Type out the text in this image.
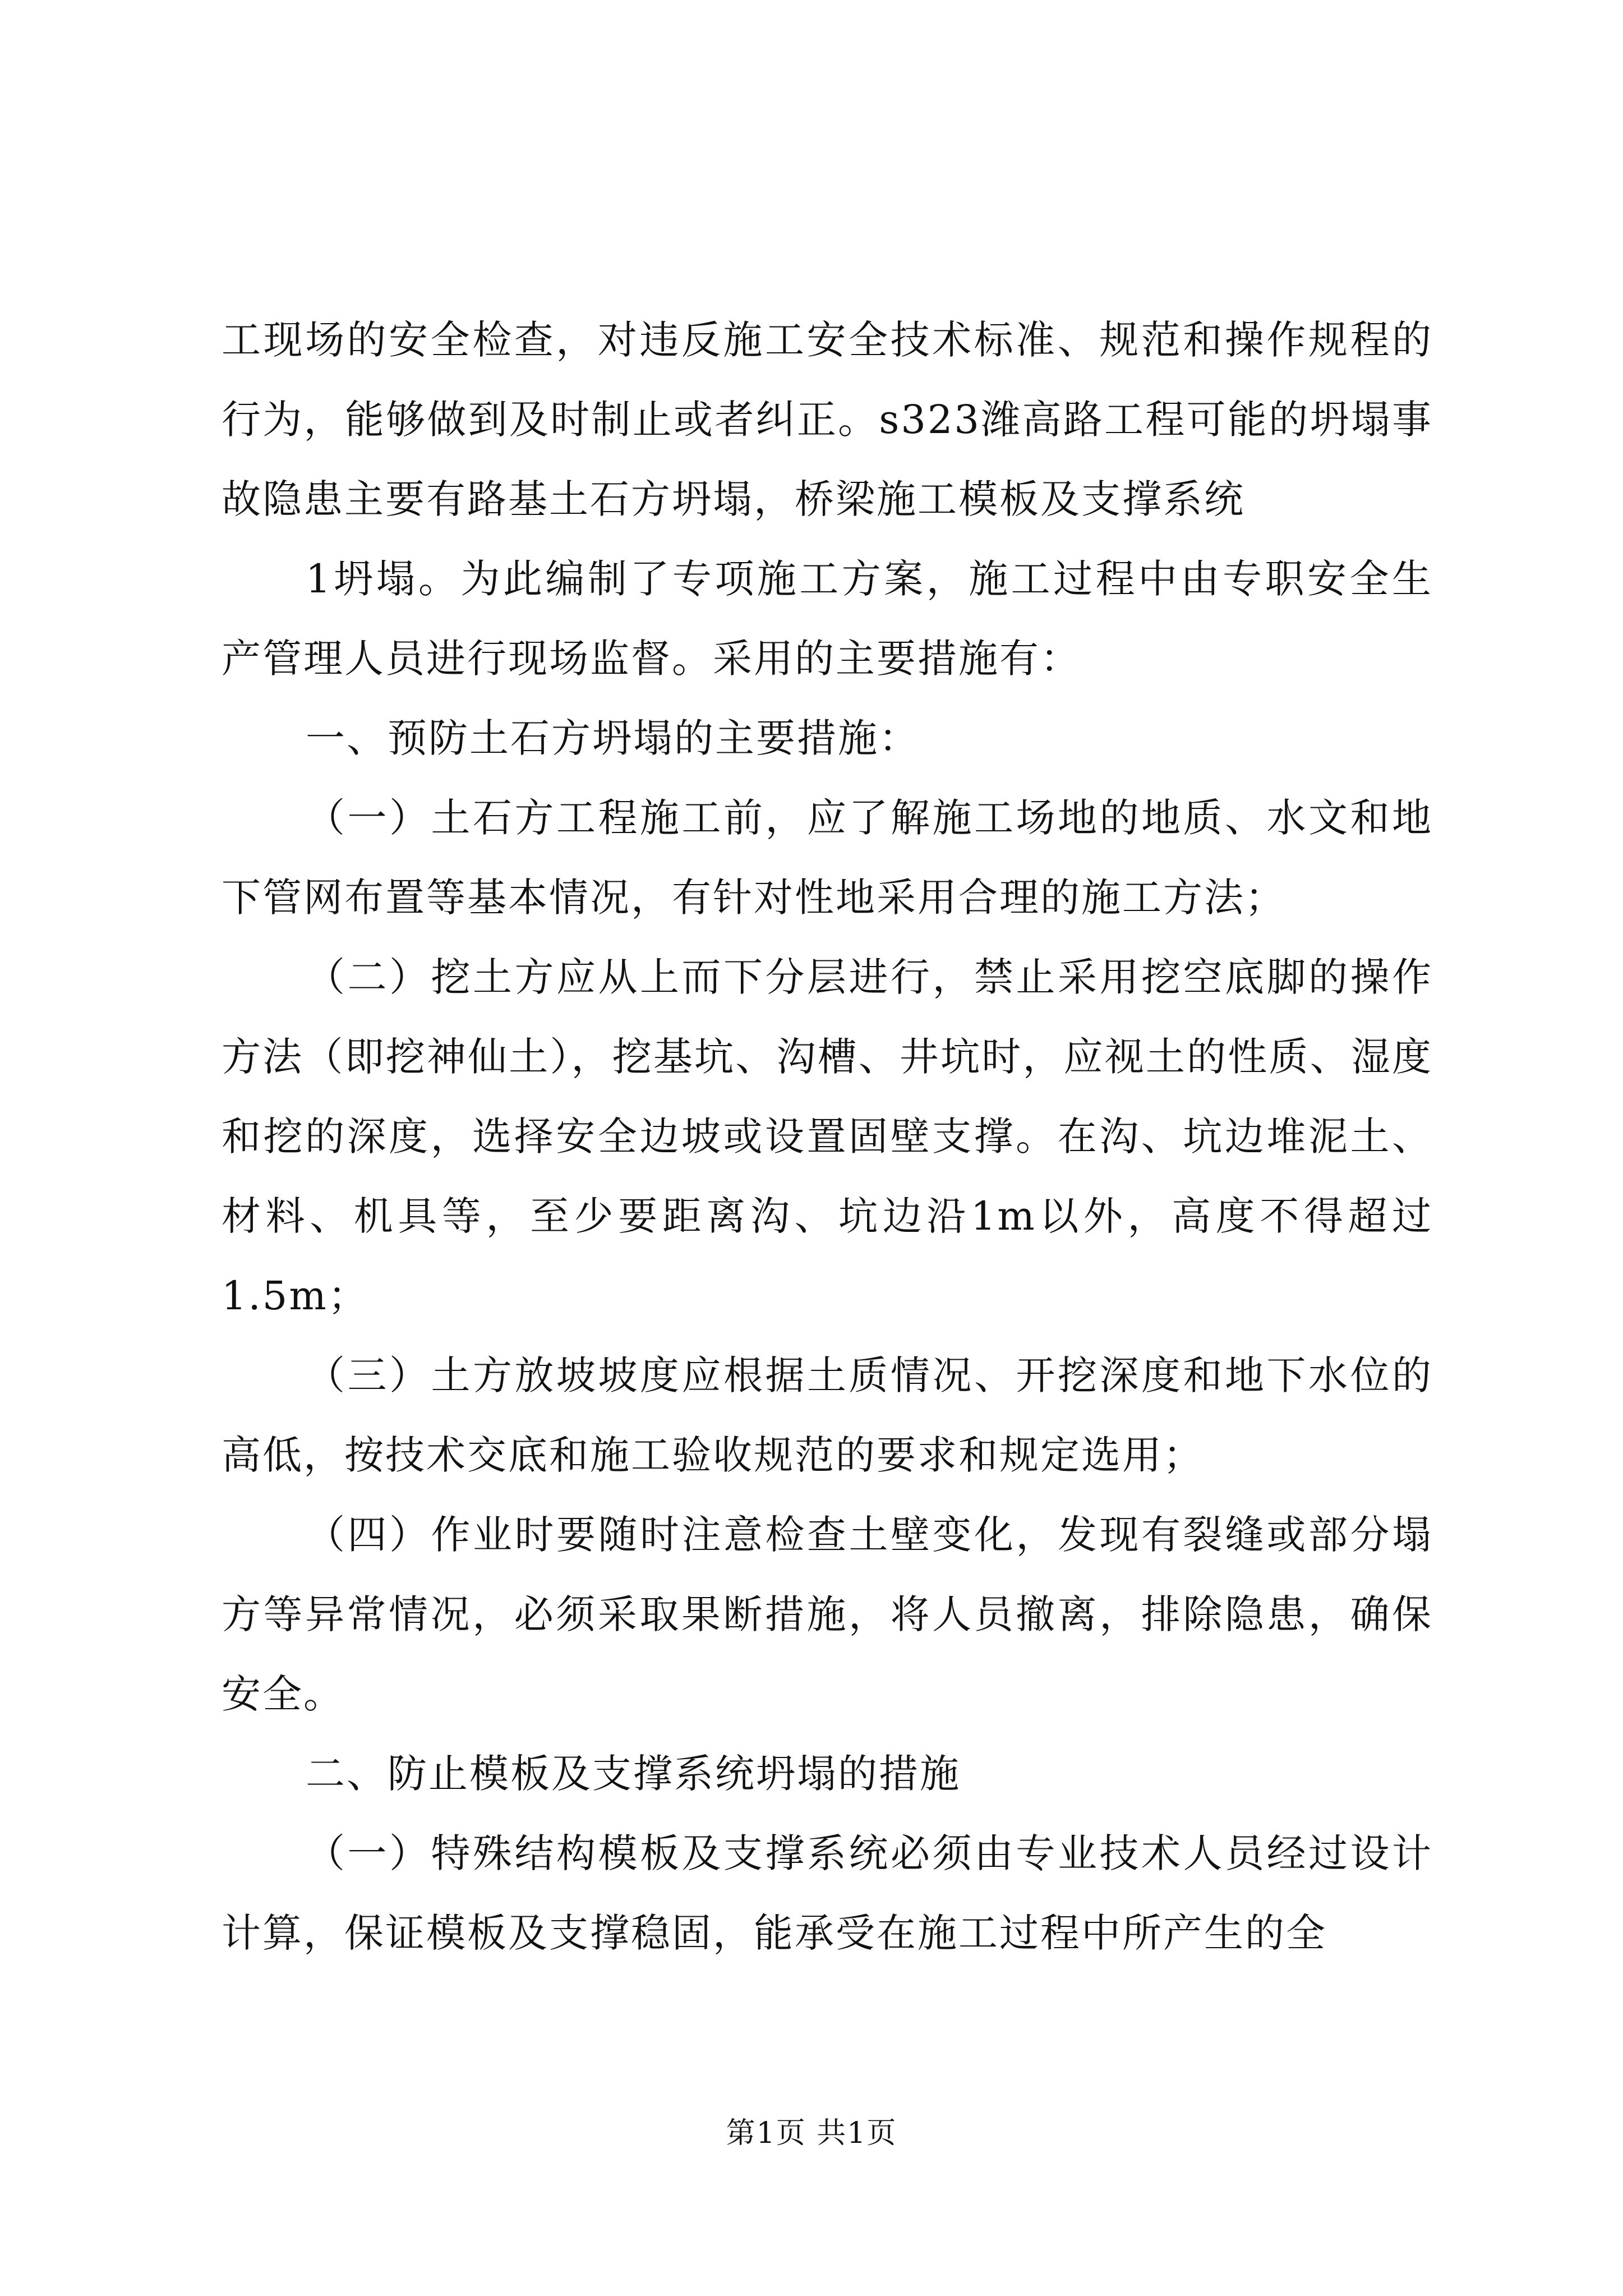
工现场的安全检查，对违反施工安全技术标准、规范和操作规程的行为，能够做到及时制止或者纠正。s323潍高路工程可能的坍塌事故隐患主要有路基土石方坍塌，桥梁施工模板及支撑系统

1坍塌。为此编制了专项施工方案，施工过程中由专职安全生产管理人员进行现场监督。采用的主要措施有：

一、预防土石方坍塌的主要措施：

（一）土石方工程施工前，应了解施工场地的地质、水文和地下管网布置等基本情况，有针对性地采用合理的施工方法；

（二）挖土方应从上而下分层进行，禁止采用挖空底脚的操作方法（即挖神仙土），挖基坑、沟槽、井坑时，应视土的性质、湿度和挖的深度，选择安全边坡或设置固壁支撑。在沟、坑边堆泥土、材料、机具等，至少要距离沟、坑边沿1m以外，高度不得超过1.5m；

（三）土方放坡坡度应根据土质情况、开挖深度和地下水位的高低，按技术交底和施工验收规范的要求和规定选用；

（四）作业时要随时注意检查土壁变化，发现有裂缝或部分塌方等异常情况，必须采取果断措施，将人员撤离，排除隐患，确保安全。

二、防止模板及支撑系统坍塌的措施

（一）特殊结构模板及支撑系统必须由专业技术人员经过设计计算，保证模板及支撑稳固，能承受在施工过程中所产生的全

第1页 共1页
